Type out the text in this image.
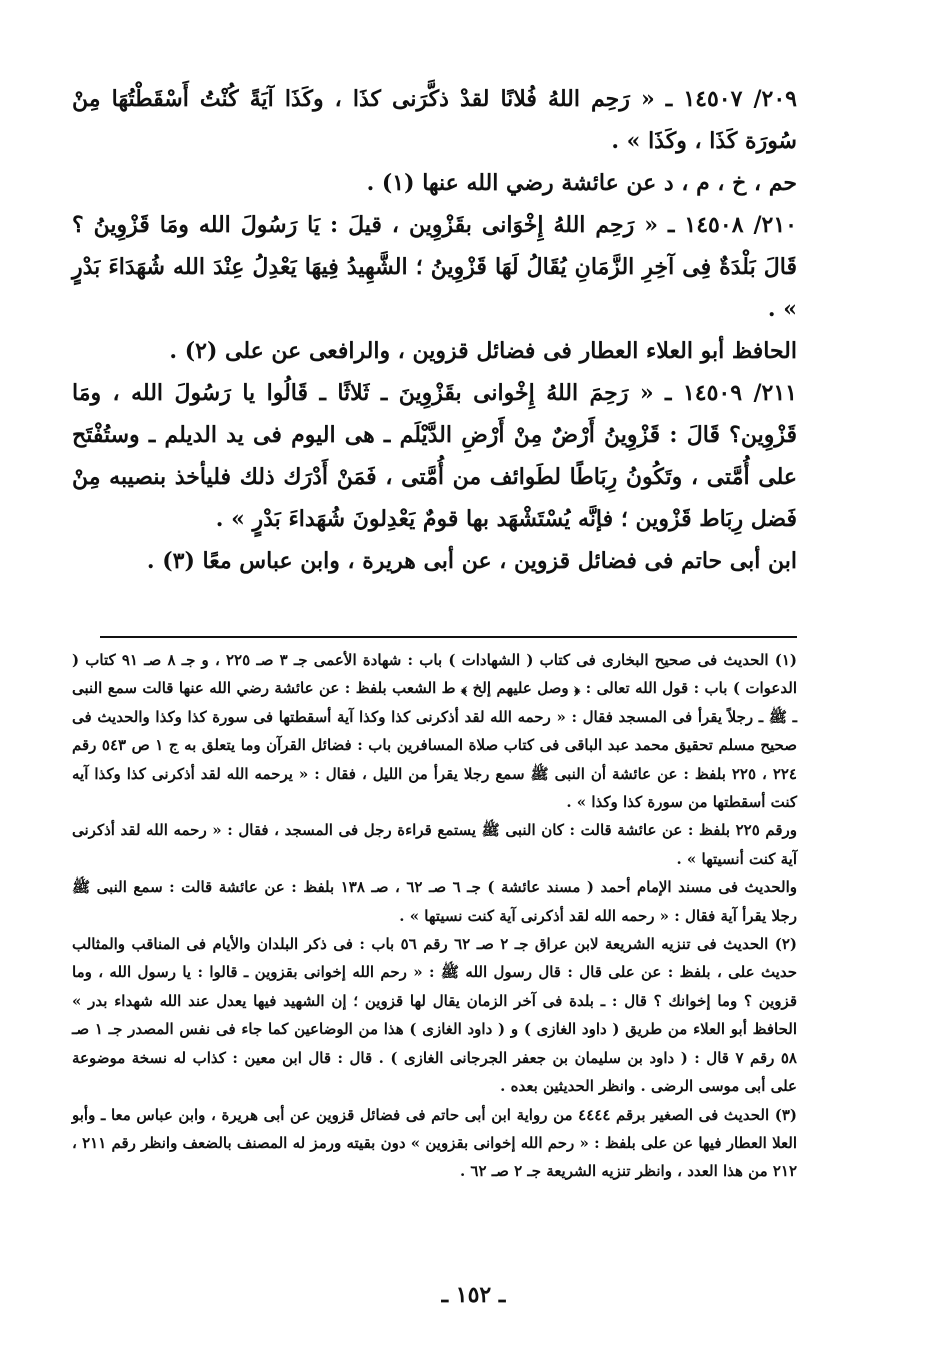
٢٠٩/ ١٤٥٠٧ ـ « رَحِم اللهُ فُلانًا لقدْ ذكَّرَنى كذَا ، وكَذَا آيَةً كُنْتُ أَسْقَطْتُهَا مِنْ سُورَة كَذَا ، وكَذَا » .

حم ، خ ، م ، د عن عائشة رضي الله عنها (١) .

٢١٠/ ١٤٥٠٨ ـ « رَحِم اللهُ إِخْوَانى بقَزْوِين ، قيلَ : يَا رَسُولَ الله ومَا قَزْوِينُ ؟ قَالَ بَلْدَةٌ فِى آخِرِ الزَّمَانِ يُقَالُ لَهَا قَزْوِينُ ؛ الشَّهِيدُ فِيهَا يَعْدِلُ عِنْدَ الله شُهَدَاءَ بَدْرٍ » .

الحافظ أبو العلاء العطار فى فضائل قزوين ، والرافعى عن على (٢) .

٢١١/ ١٤٥٠٩ ـ « رَحِمَ اللهُ إِخْوانى بقَزْوِينَ ـ ثَلاثًا ـ قَالُوا يا رَسُولَ الله ، ومَا قَزْوِين؟ قَالَ : قَزْوِينُ أَرْضٌ مِنْ أَرْضِ الدَّيْلَم ـ هى اليوم فى يد الديلم ـ وستُفْتَح على أُمَّتى ، وتَكُونُ رِبَاطًا لطَوائف من أُمَّتى ، فَمَنْ أَدْرَك ذلك فليأخذ بنصيبه مِنْ فَضل رِبَاط قَزْوين ؛ فإنَّه يُسْتَشْهَد بها قومٌ يَعْدِلونَ شُهَداءَ بَدْرٍ » .

ابن أبى حاتم فى فضائل قزوين ، عن أبى هريرة ، وابن عباس معًا (٣) .

(١) الحديث فى صحيح البخارى فى كتاب ( الشهادات ) باب : شهادة الأعمى جـ ٣ صـ ٢٢٥ ، و جـ ٨ صـ ٩١ كتاب ( الدعوات ) باب : قول الله تعالى : ﴿ وصل عليهم إلخ ﴾ ط الشعب بلفظ : عن عائشة رضي الله عنها قالت سمع النبى ـ ﷺ ـ رجلاً يقرأ فى المسجد فقال : « رحمه الله لقد أذكرنى كذا وكذا آية أسقطتها فى سورة كذا وكذا والحديث فى صحيح مسلم تحقيق محمد عبد الباقى فى كتاب صلاة المسافرين باب : فضائل القرآن وما يتعلق به ج ١ ص ٥٤٣ رقم ٢٢٤ ، ٢٢٥ بلفظ : عن عائشة أن النبى ﷺ سمع رجلا يقرأ من الليل ، فقال : « يرحمه الله لقد أذكرنى كذا وكذا آيه كنت أسقطتها من سورة كذا وكذا » .

ورقم ٢٢٥ بلفظ : عن عائشة قالت : كان النبى ﷺ يستمع قراءة رجل فى المسجد ، فقال : « رحمه الله لقد أذكرنى آية كنت أنسيتها » .

والحديث فى مسند الإمام أحمد ( مسند عائشة ) جـ ٦ صـ ٦٢ ، صـ ١٣٨ بلفظ : عن عائشة قالت : سمع النبى ﷺ رجلا يقرأ آية فقال : « رحمه الله لقد أذكرنى آية كنت نسيتها » .

(٢) الحديث فى تنزيه الشريعة لابن عراق جـ ٢ صـ ٦٢ رقم ٥٦ باب : فى ذكر البلدان والأيام فى المناقب والمثالب حديث على ، بلفظ : عن على قال : قال رسول الله ﷺ : « رحم الله إخوانى بقزوين ـ قالوا : يا رسول الله ، وما قزوين ؟ وما إخوانك ؟ قال : ـ بلدة فى آخر الزمان يقال لها قزوين ؛ إن الشهيد فيها يعدل عند الله شهداء بدر » الحافظ أبو العلاء من طريق ( داود الغازى ) و ( داود الغازى ) هذا من الوضاعين كما جاء فى نفس المصدر جـ ١ صـ ٥٨ رقم ٧ قال : ( داود بن سليمان بن جعفر الجرجانى الغازى ) . قال : قال ابن معين : كذاب له نسخة موضوعة على أبى موسى الرضى . وانظر الحديثين بعده .

(٣) الحديث فى الصغير برقم ٤٤٤٤ من رواية ابن أبى حاتم فى فضائل قزوين عن أبى هريرة ، وابن عباس معا ـ وأبو العلا العطار فيها عن على بلفظ : « رحم الله إخوانى بقزوين » دون بقيته ورمز له المصنف بالضعف وانظر رقم ٢١١ ، ٢١٢ من هذا العدد ، وانظر تنزيه الشريعة جـ ٢ صـ ٦٢ .

ـ ١٥٢ ـ
